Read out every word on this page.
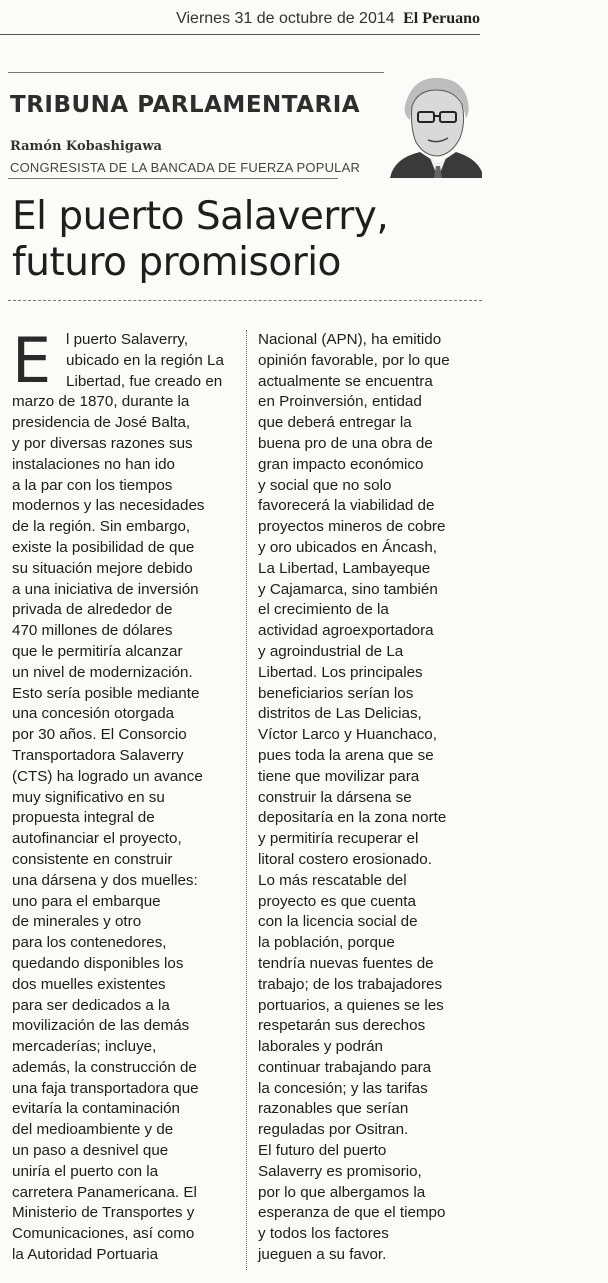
Viernes 31 de octubre de 2014 El Peruano
TRIBUNA PARLAMENTARIA
Ramón Kobashigawa
CONGRESISTA DE LA BANCADA DE FUERZA POPULAR
El puerto Salaverry,
futuro promisorio
E l puerto Salaverry,
ubicado en la región La
Libertad, fue creado en
marzo de 1870, durante la
presidencia de José Balta,
y por diversas razones sus
instalaciones no han ido
a la par con los tiempos
modernos y las necesidades
de la región. Sin embargo,
existe la posibilidad de que
su situación mejore debido
a una iniciativa de inversión
privada de alrededor de
470 millones de dólares
que le permitiría alcanzar
un nivel de modernización.
Esto sería posible mediante
una concesión otorgada
por 30 años. El Consorcio
Transportadora Salaverry
(CTS) ha logrado un avance
muy significativo en su
propuesta integral de
autofinanciar el proyecto,
consistente en construir
una dársena y dos muelles:
uno para el embarque
de minerales y otro
para los contenedores,
quedando disponibles los
dos muelles existentes
para ser dedicados a la
movilización de las demás
mercaderías; incluye,
además, la construcción de
una faja transportadora que
evitaría la contaminación
del medioambiente y de
un paso a desnivel que
uniría el puerto con la
carretera Panamericana. El
Ministerio de Transportes y
Comunicaciones, así como
la Autoridad Portuaria
Nacional (APN), ha emitido
opinión favorable, por lo que
actualmente se encuentra
en Proinversión, entidad
que deberá entregar la
buena pro de una obra de
gran impacto económico
y social que no solo
favorecerá la viabilidad de
proyectos mineros de cobre
y oro ubicados en Áncash,
La Libertad, Lambayeque
y Cajamarca, sino también
el crecimiento de la
actividad agroexportadora
y agroindustrial de La
Libertad. Los principales
beneficiarios serían los
distritos de Las Delicias,
Víctor Larco y Huanchaco,
pues toda la arena que se
tiene que movilizar para
construir la dársena se
depositaría en la zona norte
y permitiría recuperar el
litoral costero erosionado.
Lo más rescatable del
proyecto es que cuenta
con la licencia social de
la población, porque
tendría nuevas fuentes de
trabajo; de los trabajadores
portuarios, a quienes se les
respetarán sus derechos
laborales y podrán
continuar trabajando para
la concesión; y las tarifas
razonables que serían
reguladas por Ositran.
El futuro del puerto
Salaverry es promisorio,
por lo que albergamos la
esperanza de que el tiempo
y todos los factores
jueguen a su favor.
